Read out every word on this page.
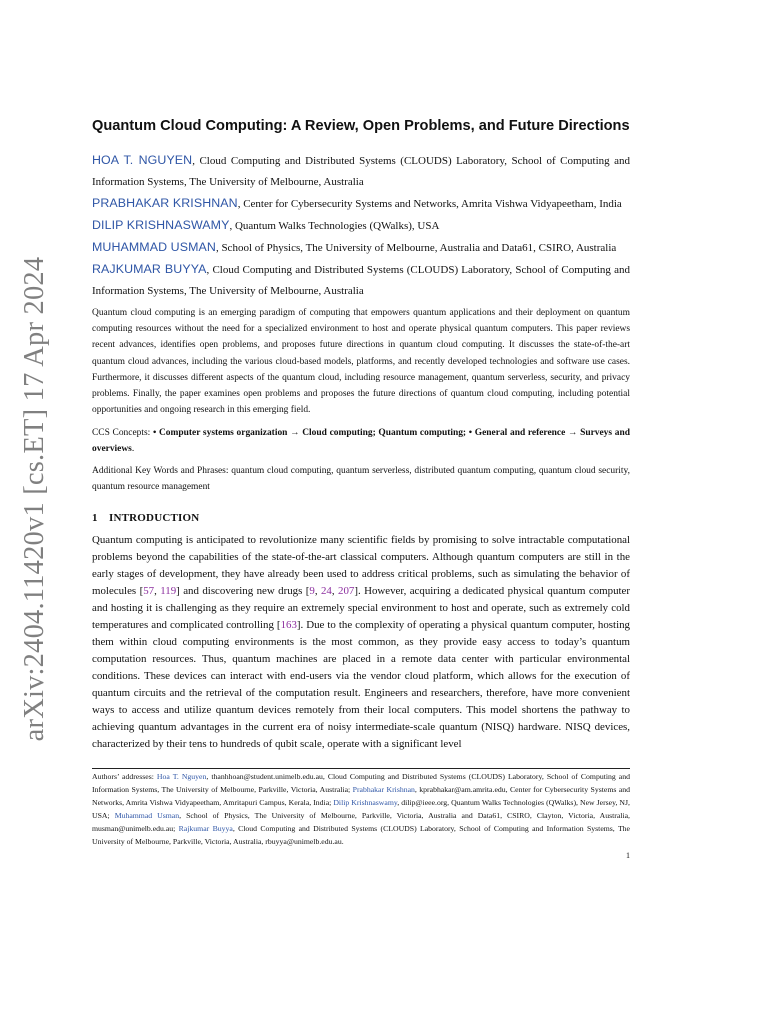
arXiv:2404.11420v1 [cs.ET] 17 Apr 2024
Quantum Cloud Computing: A Review, Open Problems, and Future Directions

HOA T. NGUYEN, Cloud Computing and Distributed Systems (CLOUDS) Laboratory, School of Computing and Information Systems, The University of Melbourne, Australia

PRABHAKAR KRISHNAN, Center for Cybersecurity Systems and Networks, Amrita Vishwa Vidyapeetham, India

DILIP KRISHNASWAMY, Quantum Walks Technologies (QWalks), USA

MUHAMMAD USMAN, School of Physics, The University of Melbourne, Australia and Data61, CSIRO, Australia

RAJKUMAR BUYYA, Cloud Computing and Distributed Systems (CLOUDS) Laboratory, School of Computing and Information Systems, The University of Melbourne, Australia

Quantum cloud computing is an emerging paradigm of computing that empowers quantum applications and their deployment on quantum computing resources without the need for a specialized environment to host and operate physical quantum computers. This paper reviews recent advances, identifies open problems, and proposes future directions in quantum cloud computing. It discusses the state-of-the-art quantum cloud advances, including the various cloud-based models, platforms, and recently developed technologies and software use cases. Furthermore, it discusses different aspects of the quantum cloud, including resource management, quantum serverless, security, and privacy problems. Finally, the paper examines open problems and proposes the future directions of quantum cloud computing, including potential opportunities and ongoing research in this emerging field.

CCS Concepts: • Computer systems organization → Cloud computing; Quantum computing; • General and reference → Surveys and overviews.

Additional Key Words and Phrases: quantum cloud computing, quantum serverless, distributed quantum computing, quantum cloud security, quantum resource management

1 INTRODUCTION

Quantum computing is anticipated to revolutionize many scientific fields by promising to solve intractable computational problems beyond the capabilities of the state-of-the-art classical computers. Although quantum computers are still in the early stages of development, they have already been used to address critical problems, such as simulating the behavior of molecules [57, 119] and discovering new drugs [9, 24, 207]. However, acquiring a dedicated physical quantum computer and hosting it is challenging as they require an extremely special environment to host and operate, such as extremely cold temperatures and complicated controlling [163]. Due to the complexity of operating a physical quantum computer, hosting them within cloud computing environments is the most common, as they provide easy access to today’s quantum computation resources. Thus, quantum machines are placed in a remote data center with particular environmental conditions. These devices can interact with end-users via the vendor cloud platform, which allows for the execution of quantum circuits and the retrieval of the computation result. Engineers and researchers, therefore, have more convenient ways to access and utilize quantum devices remotely from their local computers. This model shortens the pathway to achieving quantum advantages in the current era of noisy intermediate-scale quantum (NISQ) hardware. NISQ devices, characterized by their tens to hundreds of qubit scale, operate with a significant level

Authors’ addresses: Hoa T. Nguyen, thanhhoan@student.unimelb.edu.au, Cloud Computing and Distributed Systems (CLOUDS) Laboratory, School of Computing and Information Systems, The University of Melbourne, Parkville, Victoria, Australia; Prabhakar Krishnan, kprabhakar@am.amrita.edu, Center for Cybersecurity Systems and Networks, Amrita Vishwa Vidyapeetham, Amritapuri Campus, Kerala, India; Dilip Krishnaswamy, dilip@ieee.org, Quantum Walks Technologies (QWalks), New Jersey, NJ, USA; Muhammad Usman, School of Physics, The University of Melbourne, Parkville, Victoria, Australia and Data61, CSIRO, Clayton, Victoria, Australia, musman@unimelb.edu.au; Rajkumar Buyya, Cloud Computing and Distributed Systems (CLOUDS) Laboratory, School of Computing and Information Systems, The University of Melbourne, Parkville, Victoria, Australia, rbuyya@unimelb.edu.au.

1
